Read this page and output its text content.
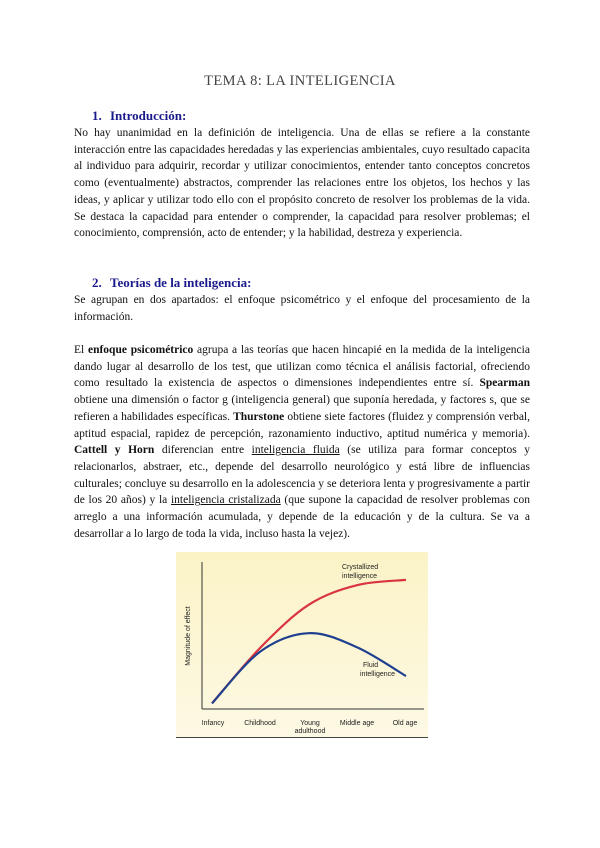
TEMA 8: LA INTELIGENCIA
1. Introducción:

No hay unanimidad en la definición de inteligencia. Una de ellas se refiere a la constante interacción entre las capacidades heredadas y las experiencias ambientales, cuyo resultado capacita al individuo para adquirir, recordar y utilizar conocimientos, entender tanto conceptos concretos como (eventualmente) abstractos, comprender las relaciones entre los objetos, los hechos y las ideas, y aplicar y utilizar todo ello con el propósito concreto de resolver los problemas de la vida. Se destaca la capacidad para entender o comprender, la capacidad para resolver problemas; el conocimiento, comprensión, acto de entender; y la habilidad, destreza y experiencia.

2. Teorías de la inteligencia:

Se agrupan en dos apartados: el enfoque psicométrico y el enfoque del procesamiento de la información.

El enfoque psicométrico agrupa a las teorías que hacen hincapié en la medida de la inteligencia dando lugar al desarrollo de los test, que utilizan como técnica el análisis factorial, ofreciendo como resultado la existencia de aspectos o dimensiones independientes entre sí. Spearman obtiene una dimensión o factor g (inteligencia general) que suponía heredada, y factores s, que se refieren a habilidades específicas. Thurstone obtiene siete factores (fluidez y comprensión verbal, aptitud espacial, rapidez de percepción, razonamiento inductivo, aptitud numérica y memoria). Cattell y Horn diferencian entre inteligencia fluida (se utiliza para formar conceptos y relacionarlos, abstraer, etc., depende del desarrollo neurológico y está libre de influencias culturales; concluye su desarrollo en la adolescencia y se deteriora lenta y progresivamente a partir de los 20 años) y la inteligencia cristalizada (que supone la capacidad de resolver problemas con arreglo a una información acumulada, y depende de la educación y de la cultura. Se va a desarrollar a lo largo de toda la vida, incluso hasta la vejez).

Magnitude of effect
Crystallized
intelligence
Fluid
intelligence
Infancy	Childhood	Young
adulthood
Middle age	Old age
